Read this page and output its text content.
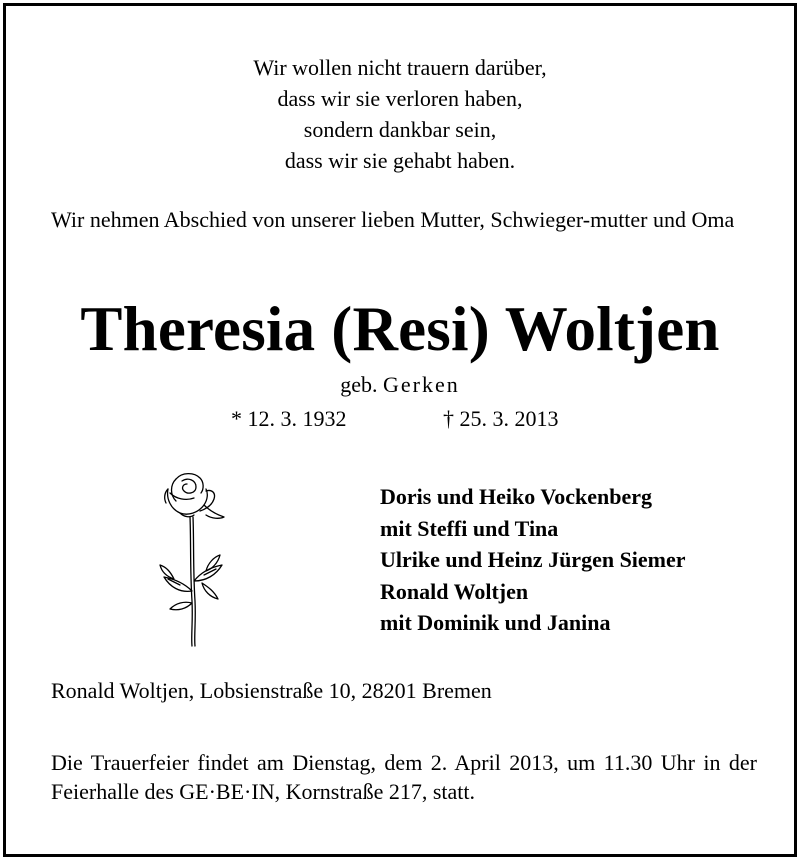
Wir wollen nicht trauern darüber,
dass wir sie verloren haben,
sondern dankbar sein,
dass wir sie gehabt haben.
Wir nehmen Abschied von unserer lieben Mutter, Schwieger-mutter und Oma
Theresia (Resi) Woltjen
geb. Gerken
* 12. 3. 1932	† 25. 3. 2013
Doris und Heiko Vockenberg
mit Steffi und Tina
Ulrike und Heinz Jürgen Siemer
Ronald Woltjen
mit Dominik und Janina
Ronald Woltjen, Lobsienstraße 10, 28201 Bremen
Die Trauerfeier findet am Dienstag, dem 2. April 2013, um 11.30 Uhr in der Feierhalle des GE·BE·IN, Kornstraße 217, statt.
